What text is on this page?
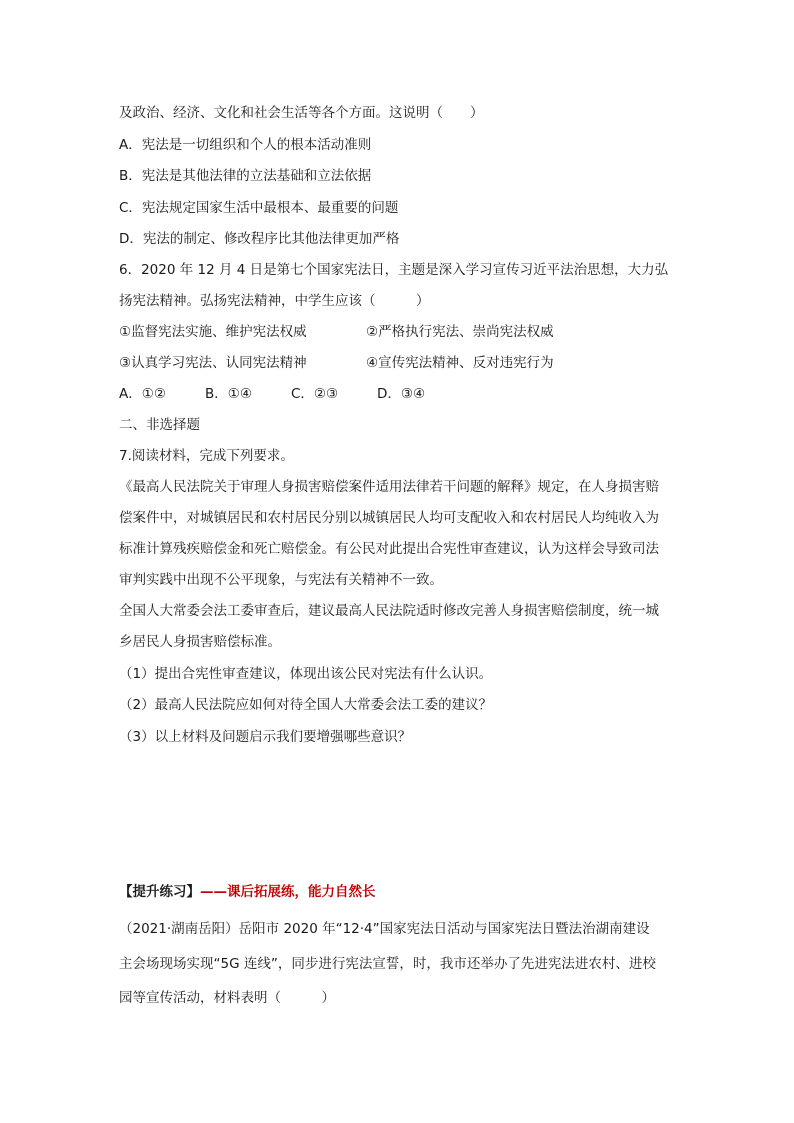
及政治、经济、文化和社会生活等各个方面。这说明（　　）
A．宪法是一切组织和个人的根本活动准则
B．宪法是其他法律的立法基础和立法依据
C．宪法规定国家生活中最根本、最重要的问题
D．宪法的制定、修改程序比其他法律更加严格
6．2020 年 12 月 4 日是第七个国家宪法日，主题是深入学习宣传习近平法治思想，大力弘
扬宪法精神。弘扬宪法精神，中学生应该（　　　）
①监督宪法实施、维护宪法权威	②严格执行宪法、崇尚宪法权威
③认真学习宪法、认同宪法精神	④宣传宪法精神、反对违宪行为
A．①②	B．①④	C．②③	D．③④
二、非选择题
7.阅读材料，完成下列要求。
《最高人民法院关于审理人身损害赔偿案件适用法律若干问题的解释》规定，在人身损害赔
偿案件中，对城镇居民和农村居民分别以城镇居民人均可支配收入和农村居民人均纯收入为
标准计算残疾赔偿金和死亡赔偿金。有公民对此提出合宪性审查建议，认为这样会导致司法
审判实践中出现不公平现象，与宪法有关精神不一致。
全国人大常委会法工委审查后，建议最高人民法院适时修改完善人身损害赔偿制度，统一城
乡居民人身损害赔偿标准。
（1）提出合宪性审查建议，体现出该公民对宪法有什么认识。
（2）最高人民法院应如何对待全国人大常委会法工委的建议？
（3）以上材料及问题启示我们要增强哪些意识？
【提升练习】——课后拓展练，能力自然长
（2021·湖南岳阳）岳阳市 2020 年“12·4”国家宪法日活动与国家宪法日暨法治湖南建设
主会场现场实现“5G 连线”，同步进行宪法宣誓，时，我市还举办了先进宪法进农村、进校
园等宣传活动，材料表明（　　　）
